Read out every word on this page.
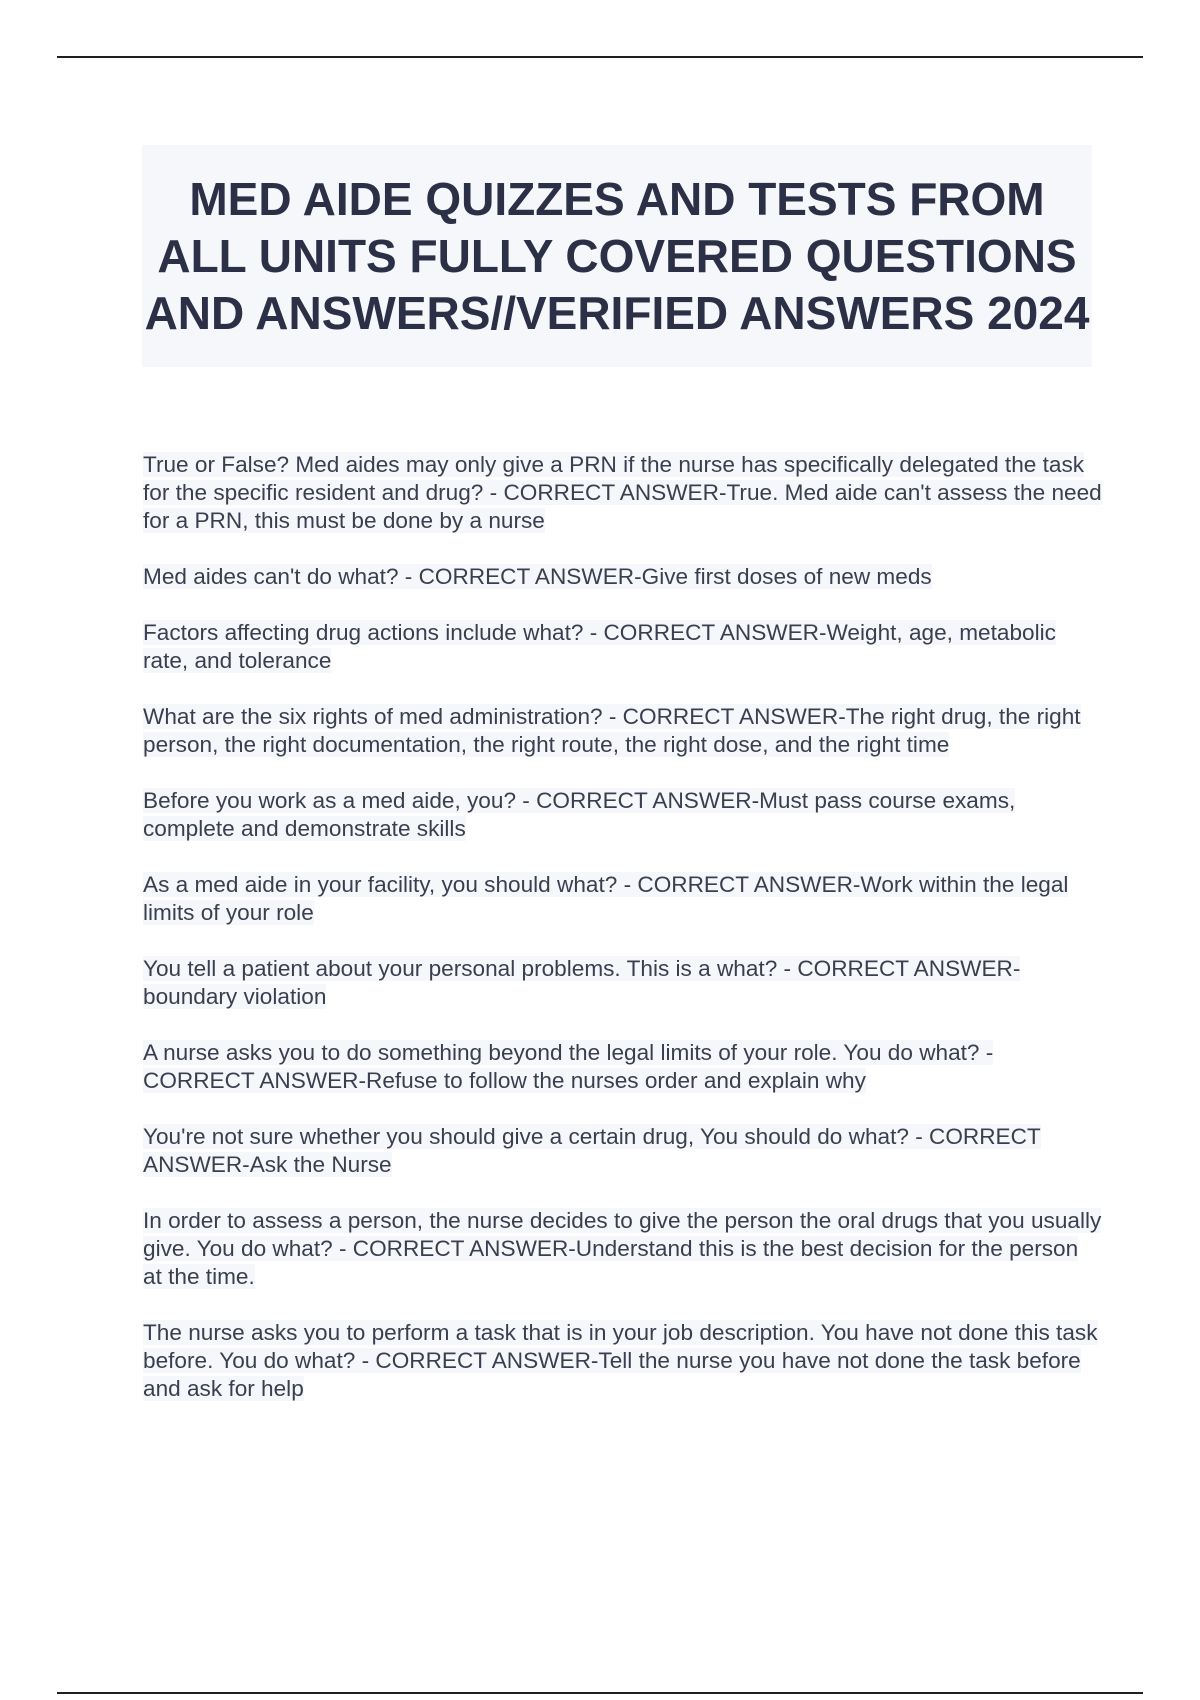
MED AIDE QUIZZES AND TESTS FROM ALL UNITS FULLY COVERED QUESTIONS AND ANSWERS//VERIFIED ANSWERS 2024
True or False? Med aides may only give a PRN if the nurse has specifically delegated the task for the specific resident and drug? - CORRECT ANSWER-True. Med aide can't assess the need for a PRN, this must be done by a nurse
Med aides can't do what? - CORRECT ANSWER-Give first doses of new meds
Factors affecting drug actions include what? - CORRECT ANSWER-Weight, age, metabolic rate, and tolerance
What are the six rights of med administration? - CORRECT ANSWER-The right drug, the right person, the right documentation, the right route, the right dose, and the right time
Before you work as a med aide, you? - CORRECT ANSWER-Must pass course exams, complete and demonstrate skills
As a med aide in your facility, you should what? - CORRECT ANSWER-Work within the legal limits of your role
You tell a patient about your personal problems. This is a what? - CORRECT ANSWER-boundary violation
A nurse asks you to do something beyond the legal limits of your role. You do what? - CORRECT ANSWER-Refuse to follow the nurses order and explain why
You're not sure whether you should give a certain drug, You should do what? - CORRECT ANSWER-Ask the Nurse
In order to assess a person, the nurse decides to give the person the oral drugs that you usually give. You do what? - CORRECT ANSWER-Understand this is the best decision for the person at the time.
The nurse asks you to perform a task that is in your job description. You have not done this task before. You do what? - CORRECT ANSWER-Tell the nurse you have not done the task before and ask for help
